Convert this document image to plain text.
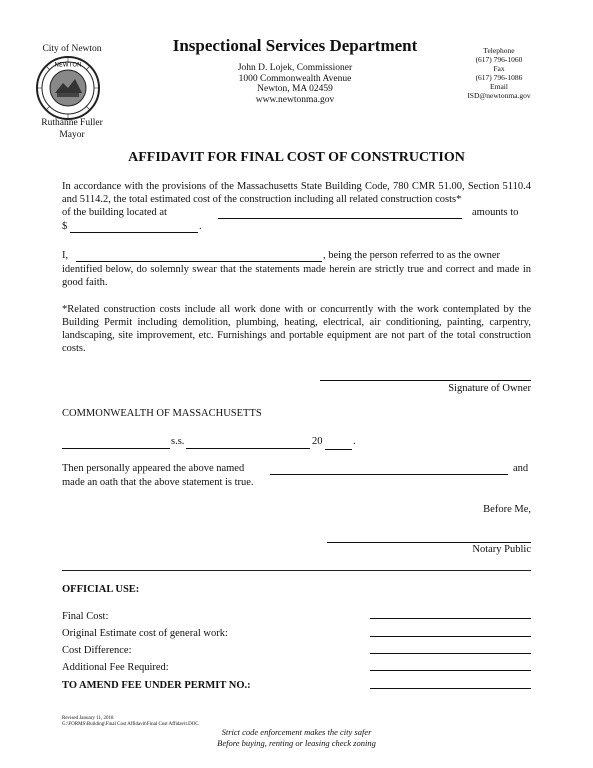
City of Newton
NEWTON
Ruthanne Fuller
Mayor
Inspectional Services Department
John D. Lojek, Commissioner
1000 Commonwealth Avenue
Newton, MA 02459
www.newtonma.gov
Telephone
(617) 796-1060
Fax
(617) 796-1086
Email
ISD@newtonma.gov
AFFIDAVIT FOR FINAL COST OF CONSTRUCTION
In accordance with the provisions of the Massachusetts State Building Code, 780 CMR 51.00, Section 5110.4 and 5114.2, the total estimated cost of the construction including all related construction costs*
of the building located at	amounts to
$	.
I,	, being the person referred to as the owner
identified below, do solemnly swear that the statements made herein are strictly true and correct and made in good faith.
*Related construction costs include all work done with or concurrently with the work contemplated by the Building Permit including demolition, plumbing, heating, electrical, air conditioning, painting, carpentry, landscaping, site improvement, etc. Furnishings and portable equipment are not part of the total construction costs.
Signature of Owner
COMMONWEALTH OF MASSACHUSETTS
s.s.	20	.
Then personally appeared the above named	and
made an oath that the above statement is true.
Before Me,
Notary Public
OFFICIAL USE:
Final Cost:
Original Estimate cost of general work:
Cost Difference:
Additional Fee Required:
TO AMEND FEE UNDER PERMIT NO.:
Revised January 11, 2018
G:\FORMS\Building\Final Cost Affidavit\Final Cost Affidavit.DOC
Strict code enforcement makes the city safer
Before buying, renting or leasing check zoning
